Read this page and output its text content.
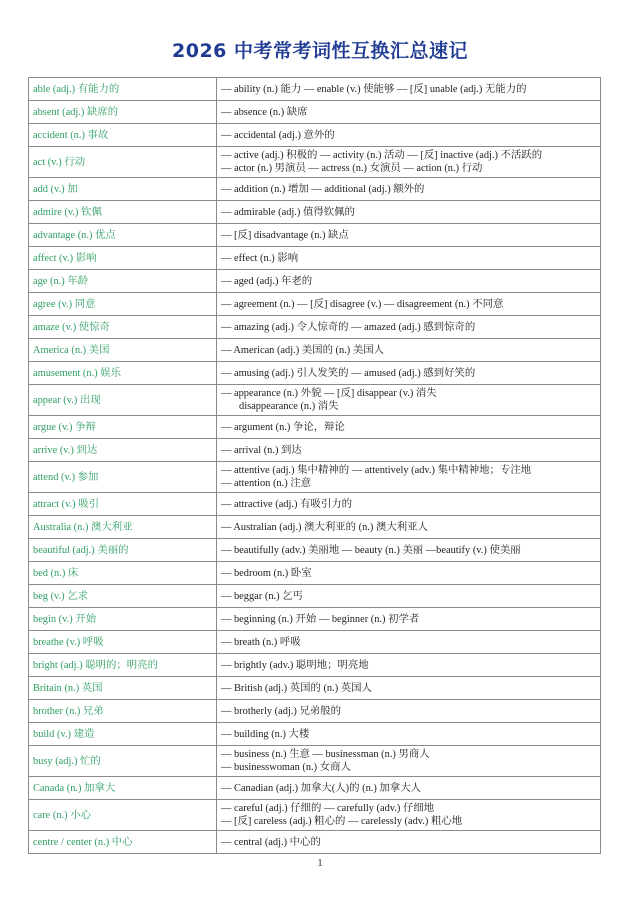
2026 中考常考词性互换汇总速记
able (adj.) 有能力的	— ability (n.) 能力 — enable (v.) 使能够 — [反] unable (adj.) 无能力的

absent (adj.) 缺席的	— absence (n.) 缺席

accident (n.) 事故	— accidental (adj.) 意外的

act (v.) 行动	— active (adj.) 积极的 — activity (n.) 活动 — [反] inactive (adj.) 不活跃的
— actor (n.) 男演员 — actress (n.) 女演员 — action (n.) 行动

add (v.) 加	— addition (n.) 增加 — additional (adj.) 额外的

admire (v.) 钦佩	— admirable (adj.) 值得钦佩的

advantage (n.) 优点	— [反] disadvantage (n.) 缺点

affect (v.) 影响	— effect (n.) 影响

age (n.) 年龄	— aged (adj.) 年老的

agree (v.) 同意	— agreement (n.) — [反] disagree (v.) — disagreement (n.) 不同意

amaze (v.) 使惊奇	— amazing (adj.) 令人惊奇的 — amazed (adj.) 感到惊奇的

America (n.) 美国	— American (adj.) 美国的 (n.) 美国人

amusement (n.) 娱乐	— amusing (adj.) 引人发笑的 — amused (adj.) 感到好笑的

appear (v.) 出现	— appearance (n.) 外貌 — [反] disappear (v.) 消失
disappearance (n.) 消失

argue (v.) 争辩	— argument (n.) 争论，辩论

arrive (v.) 到达	— arrival (n.) 到达

attend (v.) 参加	— attentive (adj.) 集中精神的 — attentively (adv.) 集中精神地；专注地
— attention (n.) 注意

attract (v.) 吸引	— attractive (adj.) 有吸引力的

Australia (n.) 澳大利亚	— Australian (adj.) 澳大利亚的 (n.) 澳大利亚人

beautiful (adj.) 美丽的	— beautifully (adv.) 美丽地 — beauty (n.) 美丽 —beautify (v.) 使美丽

bed (n.) 床	— bedroom (n.) 卧室

beg (v.) 乞求	— beggar (n.) 乞丐

begin (v.) 开始	— beginning (n.) 开始 — beginner (n.) 初学者

breathe (v.) 呼吸	— breath (n.) 呼吸

bright (adj.) 聪明的；明亮的	— brightly (adv.) 聪明地；明亮地

Britain (n.) 英国	— British (adj.) 英国的 (n.) 英国人

brother (n.) 兄弟	— brotherly (adj.) 兄弟般的

build (v.) 建造	— building (n.) 大楼

busy (adj.) 忙的	— business (n.) 生意 — businessman (n.) 男商人
— businesswoman (n.) 女商人

Canada (n.) 加拿大	— Canadian (adj.) 加拿大(人)的 (n.) 加拿大人

care (n.) 小心	— careful (adj.) 仔细的 — carefully (adv.) 仔细地
— [反] careless (adj.) 粗心的 — carelessly (adv.) 粗心地

centre / center (n.) 中心	— central (adj.) 中心的
1
